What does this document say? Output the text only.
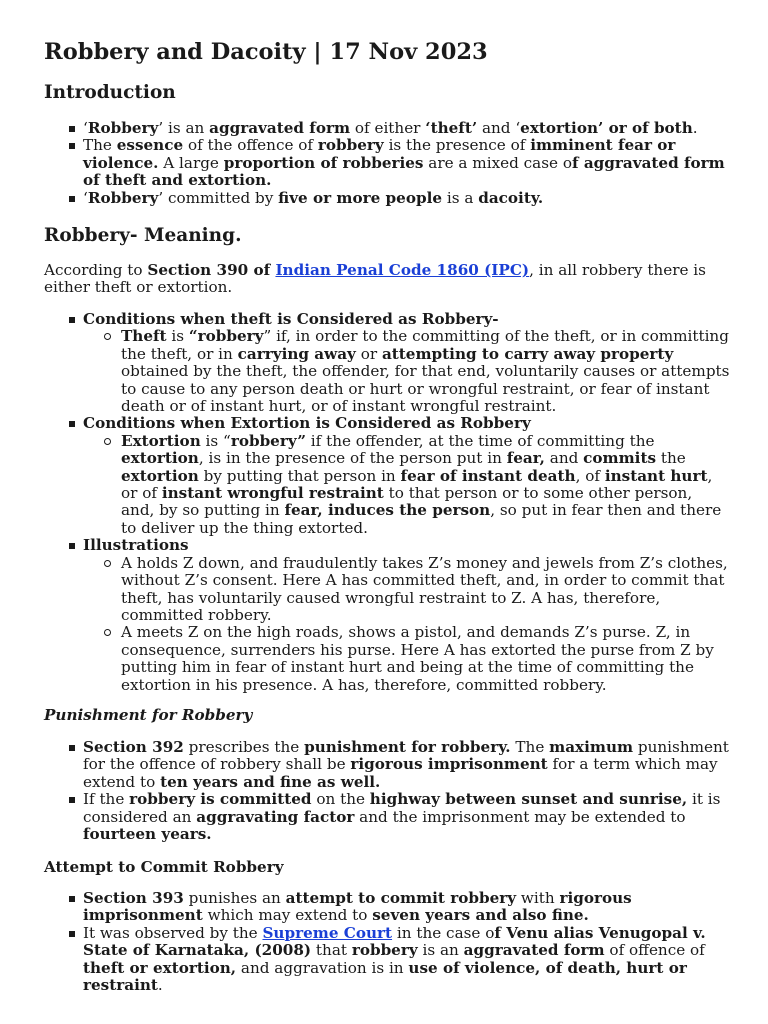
Robbery and Dacoity | 17 Nov 2023
Introduction
‘Robbery’ is an aggravated form of either ‘theft’ and ‘extortion’ or of both.
The essence of the offence of robbery is the presence of imminent fear or violence. A large proportion of robberies are a mixed case of aggravated form of theft and extortion.
‘Robbery’ committed by five or more people is a dacoity.
Robbery- Meaning.

According to Section 390 of Indian Penal Code 1860 (IPC), in all robbery there is either theft or extortion.

Conditions when theft is Considered as Robbery-
Theft is “robbery” if, in order to the committing of the theft, or in committing the theft, or in carrying away or attempting to carry away property obtained by the theft, the offender, for that end, voluntarily causes or attempts to cause to any person death or hurt or wrongful restraint, or fear of instant death or of instant hurt, or of instant wrongful restraint.
Conditions when Extortion is Considered as Robbery
Extortion is “robbery” if the offender, at the time of committing the extortion, is in the presence of the person put in fear, and commits the extortion by putting that person in fear of instant death, of instant hurt, or of instant wrongful restraint to that person or to some other person, and, by so putting in fear, induces the person, so put in fear then and there to deliver up the thing extorted.
Illustrations
A holds Z down, and fraudulently takes Z’s money and jewels from Z’s clothes, without Z’s consent. Here A has committed theft, and, in order to commit that theft, has voluntarily caused wrongful restraint to Z. A has, therefore, committed robbery.
A meets Z on the high roads, shows a pistol, and demands Z’s purse. Z, in consequence, surrenders his purse. Here A has extorted the purse from Z by putting him in fear of instant hurt and being at the time of committing the extortion in his presence. A has, therefore, committed robbery.
Punishment for Robbery
Section 392 prescribes the punishment for robbery. The maximum punishment for the offence of robbery shall be rigorous imprisonment for a term which may extend to ten years and fine as well.
If the robbery is committed on the highway between sunset and sunrise, it is considered an aggravating factor and the imprisonment may be extended to fourteen years.
Attempt to Commit Robbery
Section 393 punishes an attempt to commit robbery with rigorous imprisonment which may extend to seven years and also fine.
It was observed by the Supreme Court in the case of Venu alias Venugopal v. State of Karnataka, (2008) that robbery is an aggravated form of offence of theft or extortion, and aggravation is in use of violence, of death, hurt or restraint.
